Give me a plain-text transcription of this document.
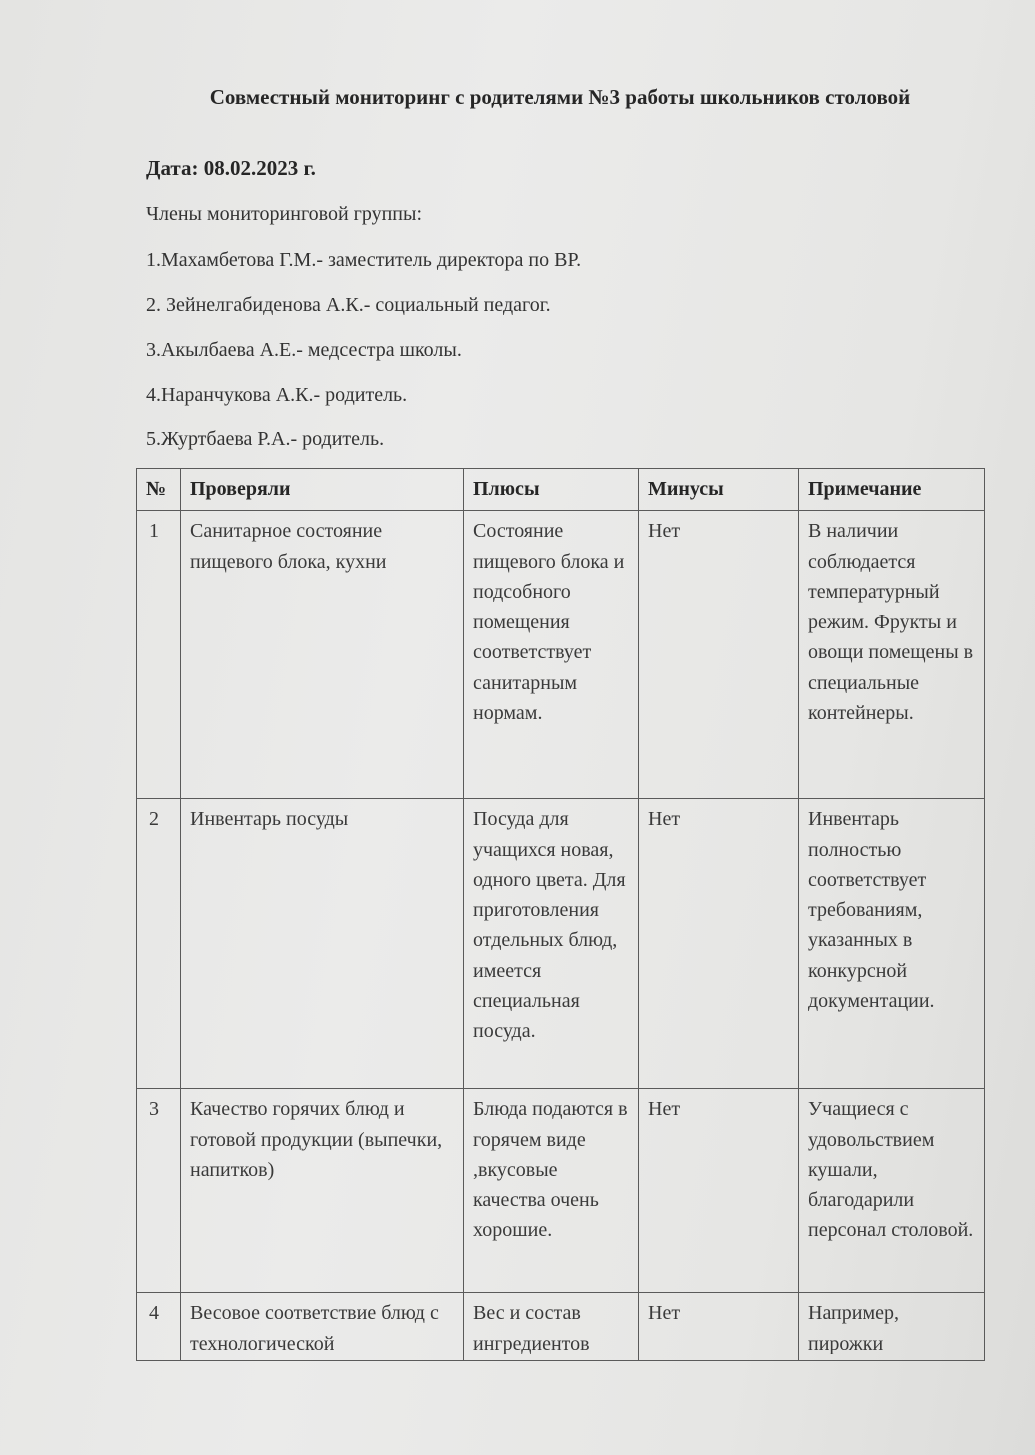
Совместный мониторинг с родителями №3 работы школьников столовой
Дата: 08.02.2023 г.
Члены мониторинговой группы:
1.Махамбетова Г.М.- заместитель директора по ВР.
2. Зейнелгабиденова А.К.- социальный педагог.
3.Акылбаева А.Е.- медсестра школы.
4.Наранчукова А.К.- родитель.
5.Журтбаева Р.А.- родитель.
№	Проверяли	Плюсы	Минусы	Примечание
1	Санитарное состояние пищевого блока, кухни	Состояние пищевого блока и подсобного помещения соответствует санитарным нормам.	Нет	В наличии соблюдается температурный режим. Фрукты и овощи помещены в специальные контейнеры.
2	Инвентарь посуды	Посуда для учащихся новая, одного цвета. Для приготовления отдельных блюд, имеется специальная посуда.	Нет	Инвентарь полностью соответствует требованиям, указанных в конкурсной документации.
3	Качество горячих блюд и готовой продукции (выпечки, напитков)	Блюда подаются в горячем виде ,вкусовые качества очень хорошие.	Нет	Учащиеся с удовольствием кушали, благодарили персонал столовой.

4	Весовое соответствие блюд с технологической	Вес и состав ингредиентов	Нет	Например, пирожки
